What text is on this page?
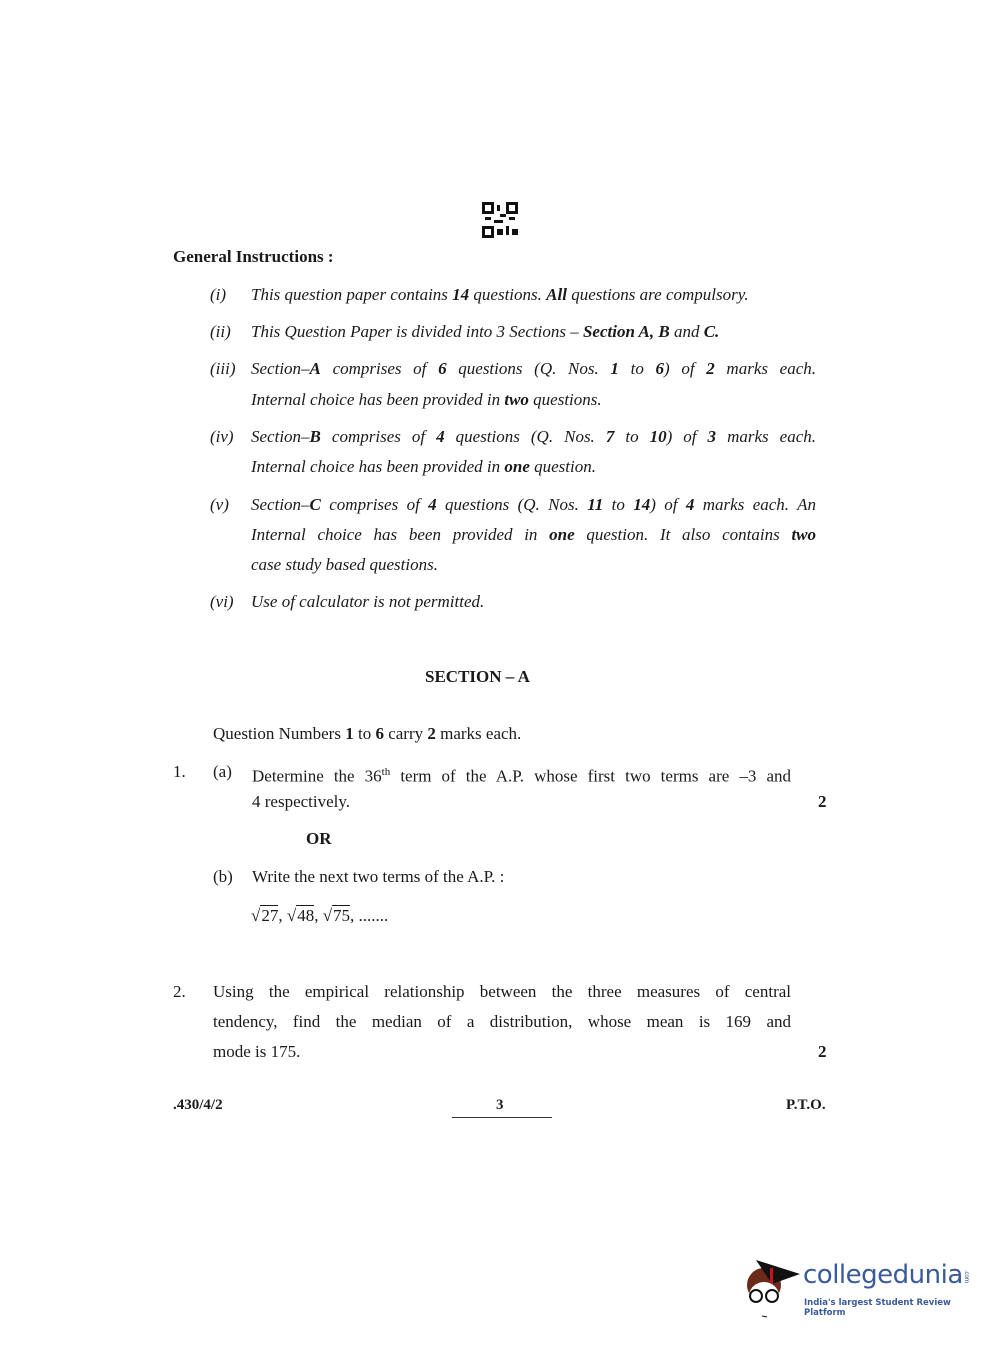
General Instructions :
(i) This question paper contains 14 questions. All questions are compulsory.
(ii) This Question Paper is divided into 3 Sections – Section A, B and C.
(iii) Section–A comprises of 6 questions (Q. Nos. 1 to 6) of 2 marks each.
Internal choice has been provided in two questions.
(iv) Section–B comprises of 4 questions (Q. Nos. 7 to 10) of 3 marks each.
Internal choice has been provided in one question.
(v) Section–C comprises of 4 questions (Q. Nos. 11 to 14) of 4 marks each. An
Internal choice has been provided in one question. It also contains two
case study based questions.
(vi) Use of calculator is not permitted.
SECTION – A
Question Numbers 1 to 6 carry 2 marks each.
1. (a) Determine the 36th term of the A.P. whose first two terms are –3 and
4 respectively.	2
OR
(b) Write the next two terms of the A.P. :
√27, √48, √75, .......
2. Using the empirical relationship between the three measures of central
tendency, find the median of a distribution, whose mean is 169 and
mode is 175.	2
.430/4/2	3	P.T.O.
collegedunia.com
India's largest Student Review Platform
